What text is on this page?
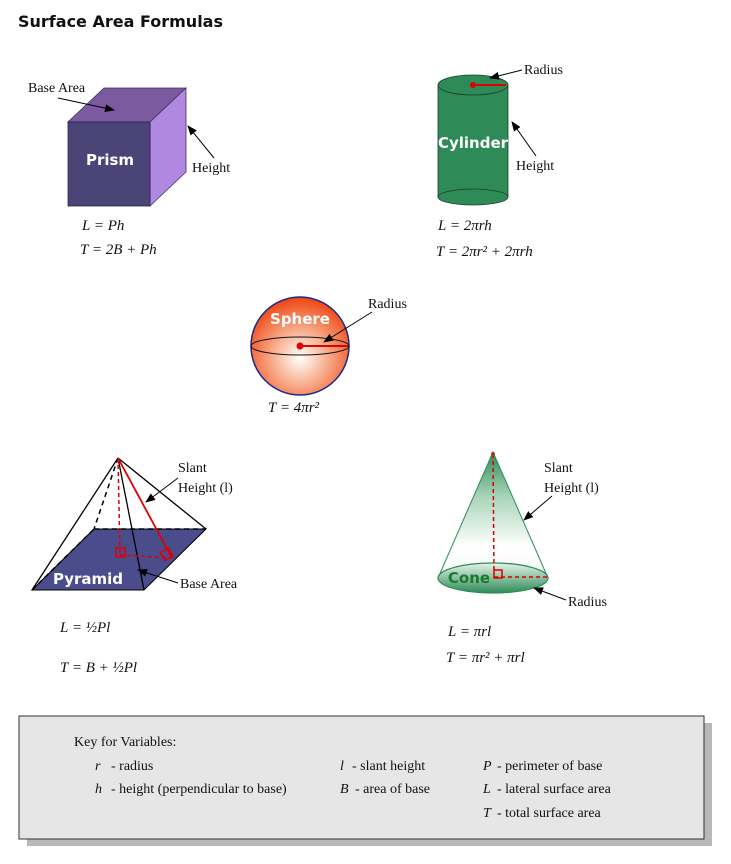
Surface Area Formulas
Prism
Base Area
Height
L = Ph
T = 2B + Ph
Cylinder
Radius
Height
L = 2πrh
T = 2πr² + 2πrh
Sphere
Radius
T = 4πr²
Pyramid
Slant
Height (l)
Base Area
L = ½Pl
T = B + ½Pl
Cone
Slant
Height (l)
Radius
L = πrl
T = πr² + πrl
Key for Variables:
r - radius
h - height (perpendicular to base)
l - slant height
B - area of base
P - perimeter of base
L - lateral surface area
T - total surface area
